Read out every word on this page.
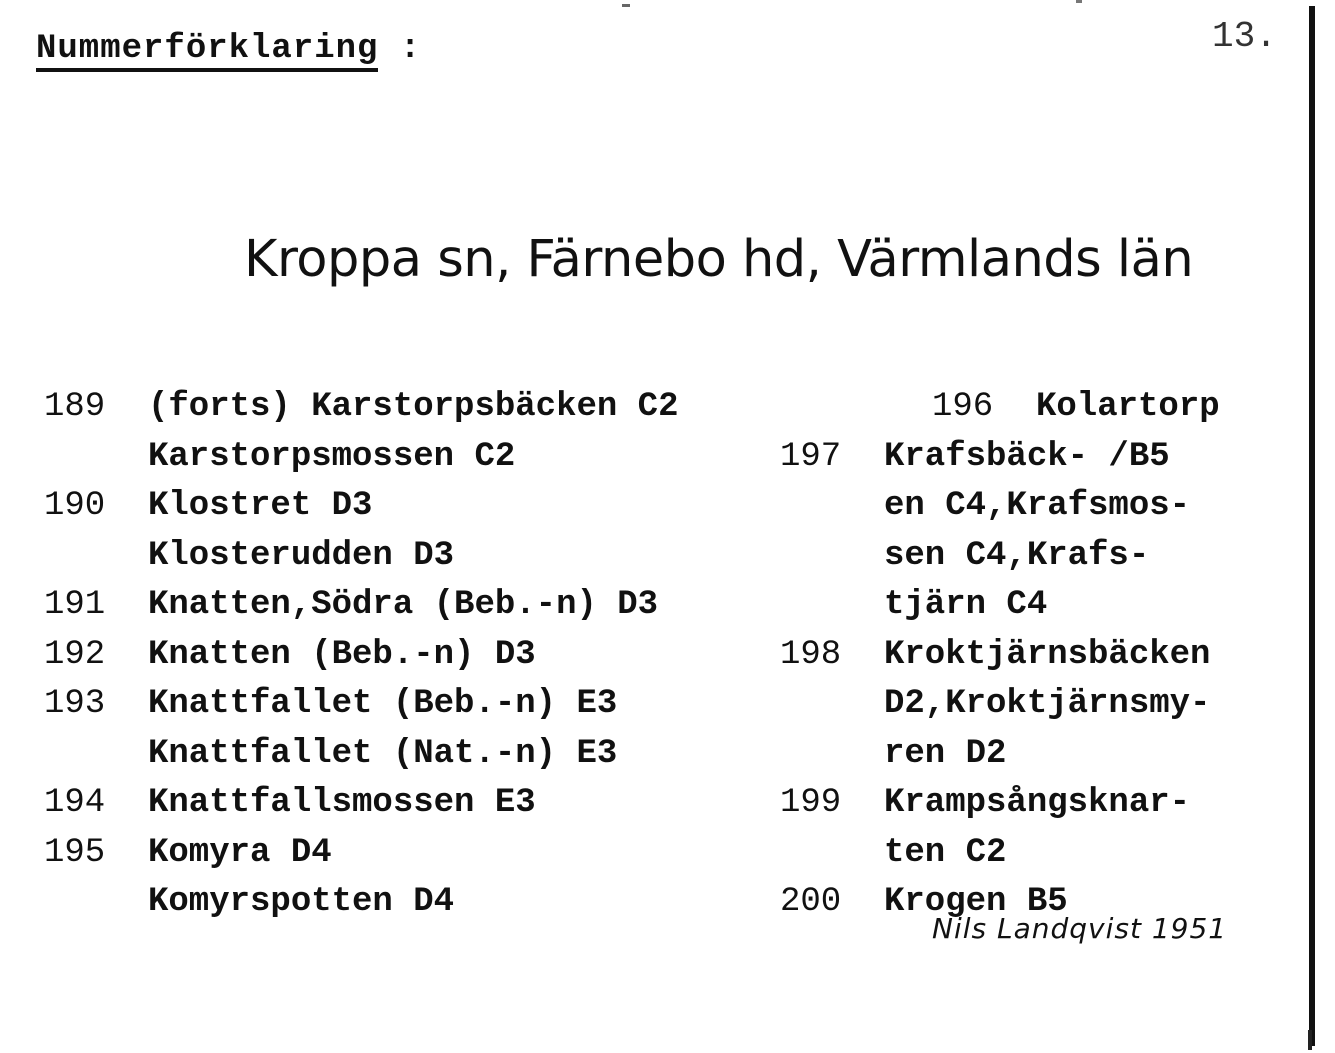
Nummerförklaring :	13.
Kroppa sn, Färnebo hd, Värmlands län
189 (forts) Karstorpsbäcken C2
Karstorpsmossen C2
190 Klostret D3
Klosterudden D3
191 Knatten,Södra (Beb.-n) D3
192 Knatten (Beb.-n) D3
193 Knattfallet (Beb.-n) E3
Knattfallet (Nat.-n) E3
194 Knattfallsmossen E3
195 Komyra D4
Komyrspotten D4
196 Kolartorp
197 Krafsbäck- /B5
en C4,Krafsmos-
sen C4,Krafs-
tjärn C4
198 Kroktjärnsbäcken
D2,Kroktjärnsmy-
ren D2
199 Krampsångsknar-
ten C2
200 Krogen B5
Nils Landqvist 1951
